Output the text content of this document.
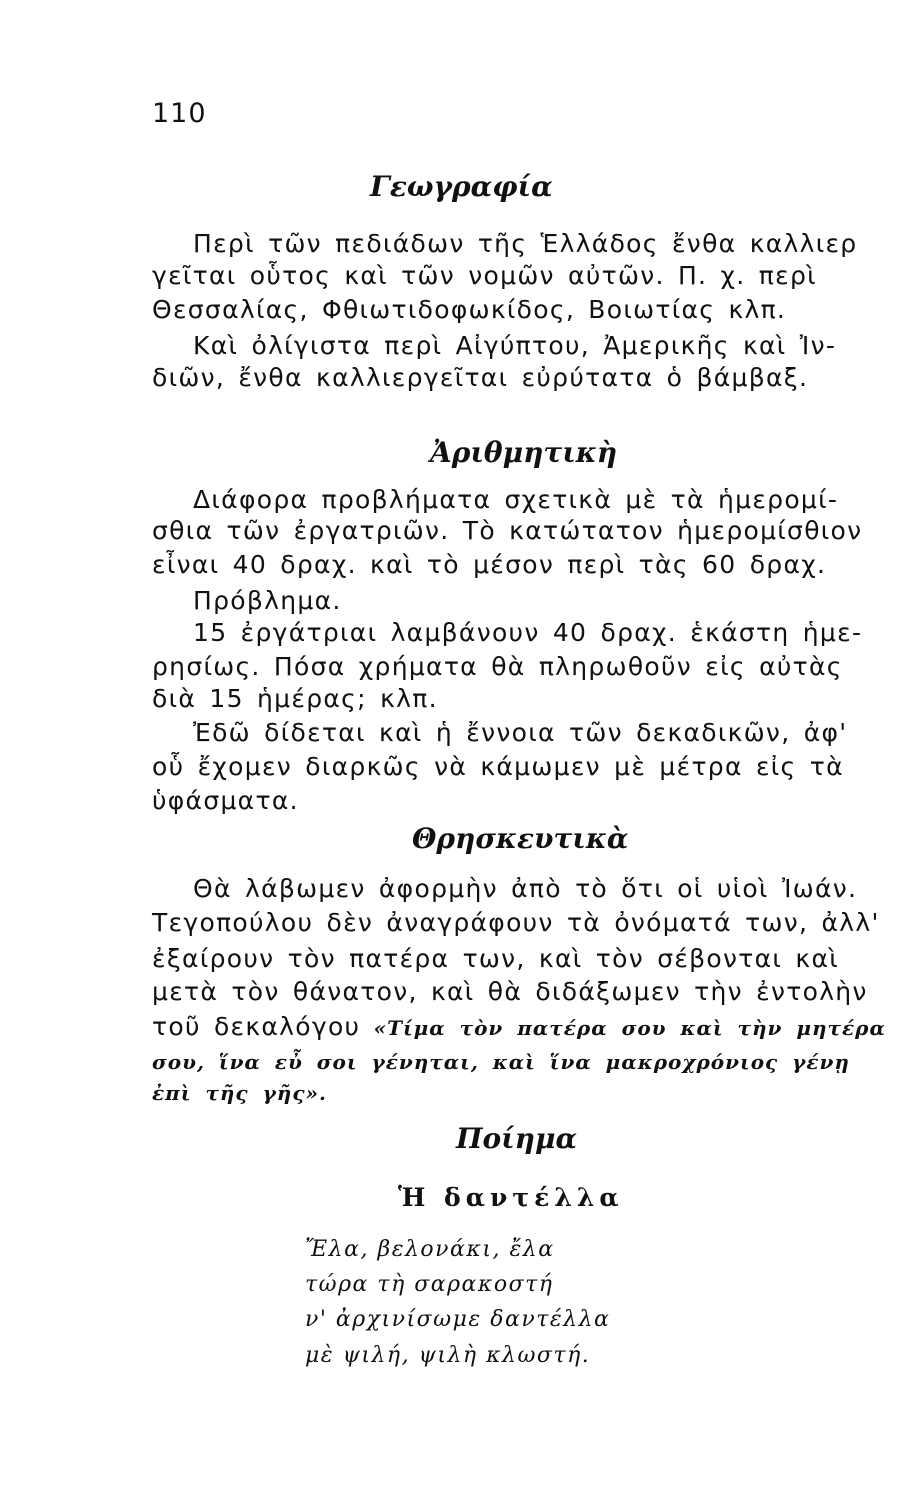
110
Γεωγραφία
Περὶ τῶν πεδιάδων τῆς Ἑλλάδος ἔνθα καλλιερ
γεῖται οὗτος καὶ τῶν νομῶν αὐτῶν. Π. χ. περὶ
Θεσσαλίας, Φθιωτιδοφωκίδος, Βοιωτίας κλπ.
Καὶ ὀλίγιστα περὶ Αἰγύπτου, Ἀμερικῆς καὶ Ἰν-
διῶν, ἔνθα καλλιεργεῖται εὐρύτατα ὁ βάμβαξ.
Ἀριθμητικὴ
Διάφορα προβλήματα σχετικὰ μὲ τὰ ἡμερομί-
σθια τῶν ἐργατριῶν. Τὸ κατώτατον ἡμερομίσθιον
εἶναι 40 δραχ. καὶ τὸ μέσον περὶ τὰς 60 δραχ.
Πρόβλημα.
15 ἐργάτριαι λαμβάνουν 40 δραχ. ἑκάστη ἡμε-
ρησίως. Πόσα χρήματα θὰ πληρωθοῦν εἰς αὐτὰς
διὰ 15 ἡμέρας; κλπ.
Ἐδῶ δίδεται καὶ ἡ ἔννοια τῶν δεκαδικῶν, ἀφ'
οὗ ἔχομεν διαρκῶς νὰ κάμωμεν μὲ μέτρα εἰς τὰ
ὑφάσματα.
Θρησκευτικὰ
Θὰ λάβωμεν ἀφορμὴν ἀπὸ τὸ ὅτι οἱ υἱοὶ Ἰωάν.
Τεγοπούλου δὲν ἀναγράφουν τὰ ὀνόματά των, ἀλλ'
ἐξαίρουν τὸν πατέρα των, καὶ τὸν σέβονται καὶ
μετὰ τὸν θάνατον, καὶ θὰ διδάξωμεν τὴν ἐντολὴν
τοῦ δεκαλόγου «Τίμα τὸν πατέρα σου καὶ τὴν μητέρα
σου, ἵνα εὖ σοι γένηται, καὶ ἵνα μακροχρόνιος γένῃ
ἐπὶ τῆς γῆς».
Ποίημα
Ἡ δαντέλλα
Ἔλα, βελονάκι, ἔλα
τώρα τὴ σαρακοστή
ν' ἀρχινίσωμε δαντέλλα
μὲ ψιλή, ψιλὴ κλωστή.
